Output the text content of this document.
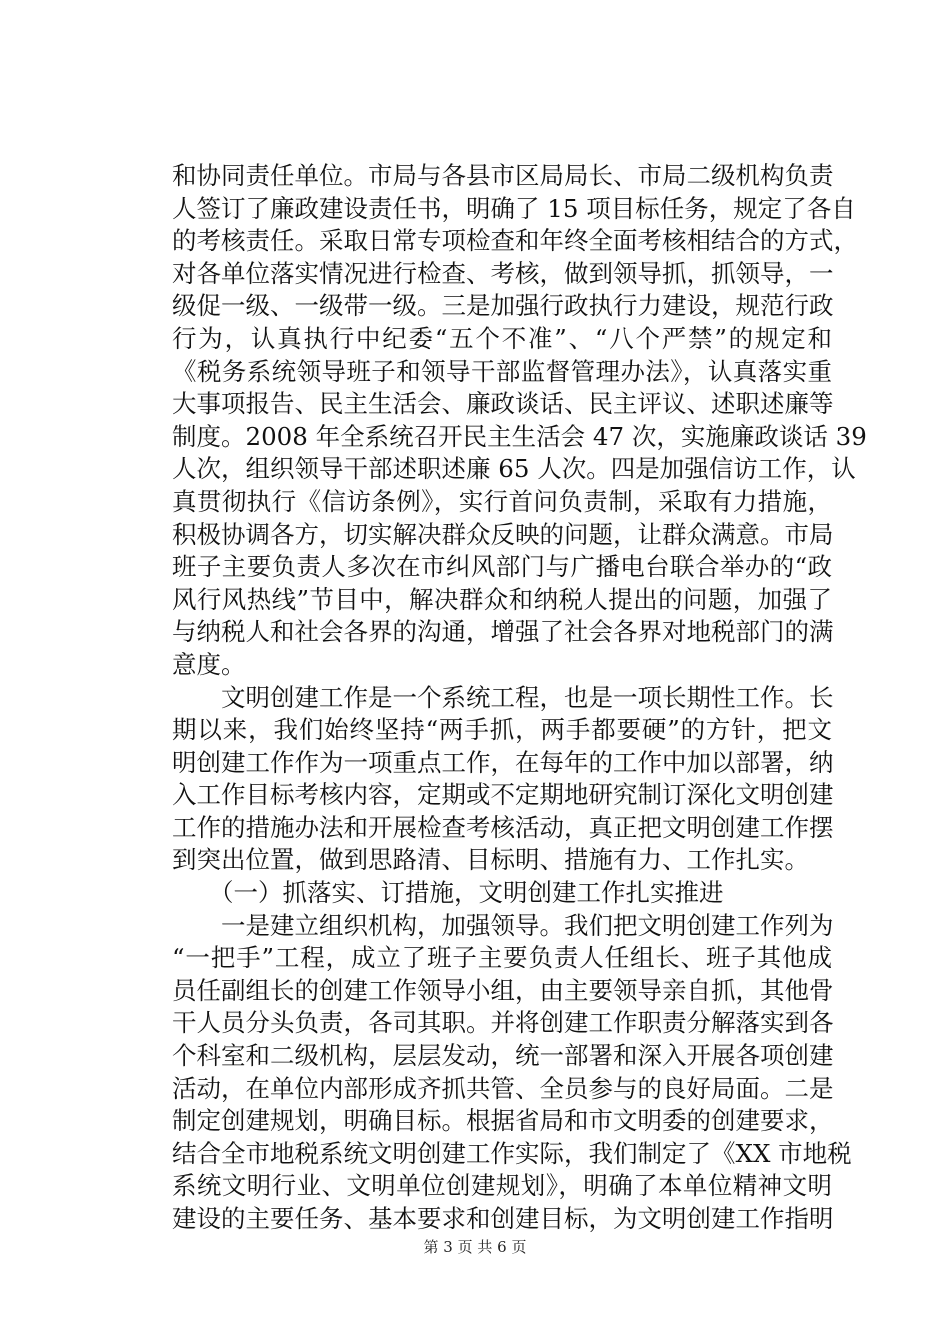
和协同责任单位。市局与各县市区局局长、市局二级机构负责
人签订了廉政建设责任书，明确了 15 项目标任务，规定了各自
的考核责任。采取日常专项检查和年终全面考核相结合的方式，
对各单位落实情况进行检查、考核，做到领导抓，抓领导，一
级促一级、一级带一级。三是加强行政执行力建设，规范行政
行为，认真执行中纪委“五个不准”、“八个严禁”的规定和
《税务系统领导班子和领导干部监督管理办法》，认真落实重
大事项报告、民主生活会、廉政谈话、民主评议、述职述廉等
制度。2008 年全系统召开民主生活会 47 次，实施廉政谈话 39
人次，组织领导干部述职述廉 65 人次。四是加强信访工作，认
真贯彻执行《信访条例》，实行首问负责制，采取有力措施，
积极协调各方，切实解决群众反映的问题，让群众满意。市局
班子主要负责人多次在市纠风部门与广播电台联合举办的“政
风行风热线”节目中，解决群众和纳税人提出的问题，加强了
与纳税人和社会各界的沟通，增强了社会各界对地税部门的满
意度。
文明创建工作是一个系统工程，也是一项长期性工作。长
期以来，我们始终坚持“两手抓，两手都要硬”的方针，把文
明创建工作作为一项重点工作，在每年的工作中加以部署，纳
入工作目标考核内容，定期或不定期地研究制订深化文明创建
工作的措施办法和开展检查考核活动，真正把文明创建工作摆
到突出位置，做到思路清、目标明、措施有力、工作扎实。
（一）抓落实、订措施，文明创建工作扎实推进
一是建立组织机构，加强领导。我们把文明创建工作列为
“一把手”工程，成立了班子主要负责人任组长、班子其他成
员任副组长的创建工作领导小组，由主要领导亲自抓，其他骨
干人员分头负责，各司其职。并将创建工作职责分解落实到各
个科室和二级机构，层层发动，统一部署和深入开展各项创建
活动，在单位内部形成齐抓共管、全员参与的良好局面。二是
制定创建规划，明确目标。根据省局和市文明委的创建要求，
结合全市地税系统文明创建工作实际，我们制定了《XX 市地税
系统文明行业、文明单位创建规划》，明确了本单位精神文明
建设的主要任务、基本要求和创建目标，为文明创建工作指明
第 3 页 共 6 页
